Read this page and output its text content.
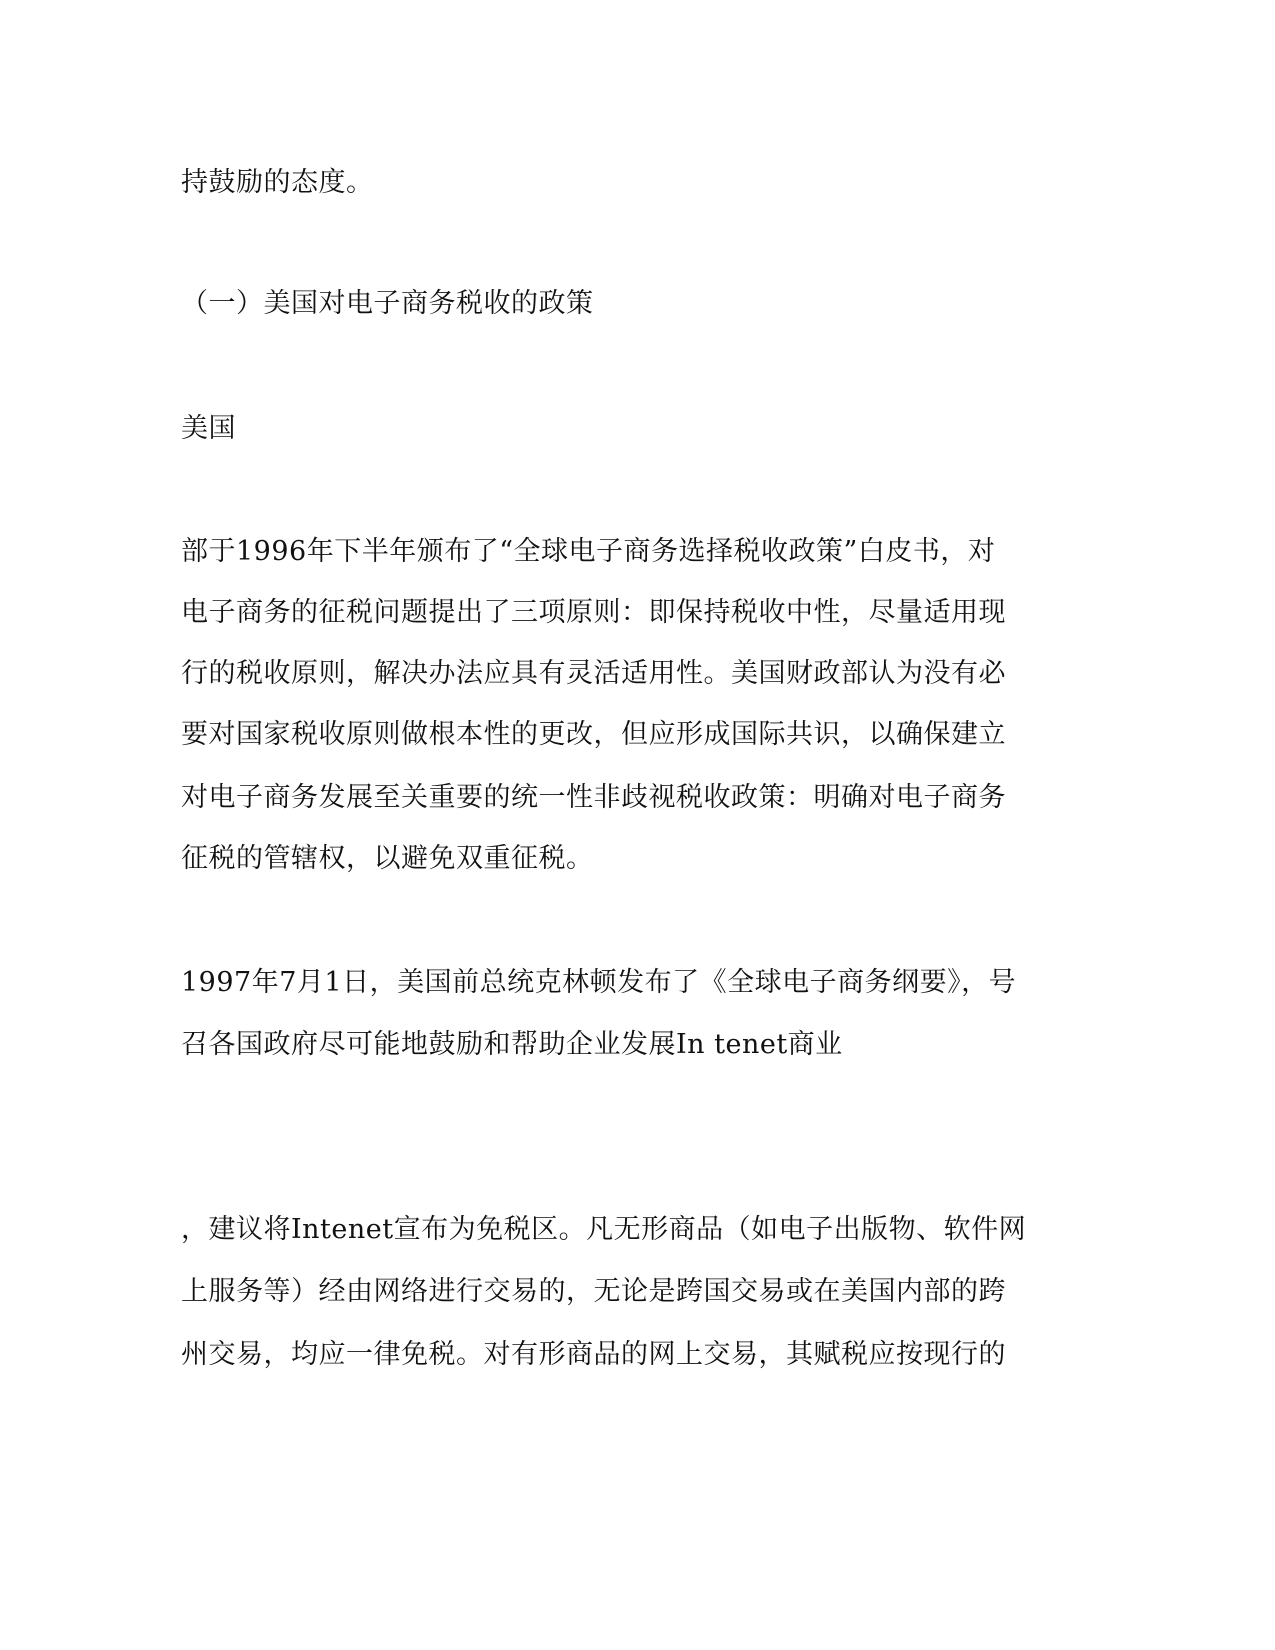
持鼓励的态度。
（一）美国对电子商务税收的政策
美国
部于1996年下半年颁布了“全球电子商务选择税收政策”白皮书，对
电子商务的征税问题提出了三项原则：即保持税收中性，尽量适用现
行的税收原则，解决办法应具有灵活适用性。美国财政部认为没有必
要对国家税收原则做根本性的更改，但应形成国际共识，以确保建立
对电子商务发展至关重要的统一性非歧视税收政策：明确对电子商务
征税的管辖权，以避免双重征税。
1997年7月1日，美国前总统克林顿发布了《全球电子商务纲要》，号
召各国政府尽可能地鼓励和帮助企业发展In tenet商业
，建议将Intenet宣布为免税区。凡无形商品（如电子出版物、软件网
上服务等）经由网络进行交易的，无论是跨国交易或在美国内部的跨
州交易，均应一律免税。对有形商品的网上交易，其赋税应按现行的
